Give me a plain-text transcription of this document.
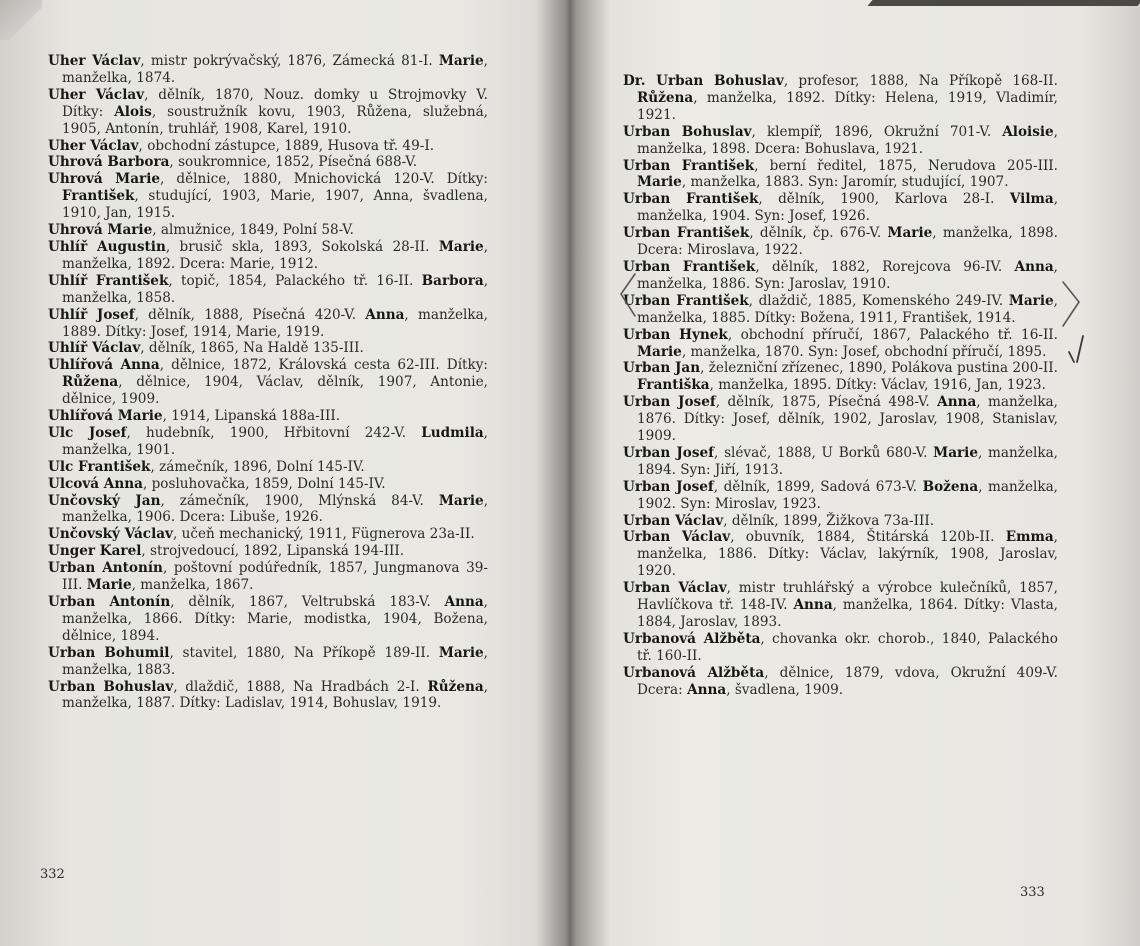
Uher Václav, mistr pokrývačský, 1876, Zámecká 81-I. Marie, manželka, 1874.

Uher Václav, dělník, 1870, Nouz. domky u Strojmovky V. Dítky: Alois, soustružník kovu, 1903, Růžena, služebná, 1905, Antonín, truhlář, 1908, Karel, 1910.

Uher Václav, obchodní zástupce, 1889, Husova tř. 49-I.

Uhrová Barbora, soukromnice, 1852, Písečná 688-V.

Uhrová Marie, dělnice, 1880, Mnichovická 120-V. Dítky: František, studující, 1903, Marie, 1907, Anna, švadlena, 1910, Jan, 1915.

Uhrová Marie, almužnice, 1849, Polní 58-V.

Uhlíř Augustin, brusič skla, 1893, Sokolská 28-II. Marie, manželka, 1892. Dcera: Marie, 1912.

Uhlíř František, topič, 1854, Palackého tř. 16-II. Barbora, manželka, 1858.

Uhlíř Josef, dělník, 1888, Písečná 420-V. Anna, manželka, 1889. Dítky: Josef, 1914, Marie, 1919.

Uhlíř Václav, dělník, 1865, Na Haldě 135-III.

Uhlířová Anna, dělnice, 1872, Královská cesta 62-III. Dítky: Růžena, dělnice, 1904, Václav, dělník, 1907, Antonie, dělnice, 1909.

Uhlířová Marie, 1914, Lipanská 188a-III.

Ulc Josef, hudebník, 1900, Hřbitovní 242-V. Ludmila, manželka, 1901.

Ulc František, zámečník, 1896, Dolní 145-IV.

Ulcová Anna, posluhovačka, 1859, Dolní 145-IV.

Unčovský Jan, zámečník, 1900, Mlýnská 84-V. Marie, manželka, 1906. Dcera: Libuše, 1926.

Unčovský Václav, učeň mechanický, 1911, Fügnerova 23a-II.

Unger Karel, strojvedoucí, 1892, Lipanská 194-III.

Urban Antonín, poštovní podúředník, 1857, Jungmanova 39-III. Marie, manželka, 1867.

Urban Antonín, dělník, 1867, Veltrubská 183-V. Anna, manželka, 1866. Dítky: Marie, modistka, 1904, Božena, dělnice, 1894.

Urban Bohumil, stavitel, 1880, Na Příkopě 189-II. Marie, manželka, 1883.

Urban Bohuslav, dlaždič, 1888, Na Hradbách 2-I. Růžena, manželka, 1887. Dítky: Ladislav, 1914, Bohuslav, 1919.

332

Dr. Urban Bohuslav, profesor, 1888, Na Příkopě 168-II. Růžena, manželka, 1892. Dítky: Helena, 1919, Vladimír, 1921.

Urban Bohuslav, klempíř, 1896, Okružní 701-V. Aloisie, manželka, 1898. Dcera: Bohuslava, 1921.

Urban František, berní ředitel, 1875, Nerudova 205-III. Marie, manželka, 1883. Syn: Jaromír, studující, 1907.

Urban František, dělník, 1900, Karlova 28-I. Vilma, manželka, 1904. Syn: Josef, 1926.

Urban František, dělník, čp. 676-V. Marie, manželka, 1898. Dcera: Miroslava, 1922.

Urban František, dělník, 1882, Rorejcova 96-IV. Anna, manželka, 1886. Syn: Jaroslav, 1910.

Urban František, dlaždič, 1885, Komenského 249-IV. Marie, manželka, 1885. Dítky: Božena, 1911, František, 1914.

Urban Hynek, obchodní příručí, 1867, Palackého tř. 16-II. Marie, manželka, 1870. Syn: Josef, obchodní příručí, 1895.

Urban Jan, železniční zřízenec, 1890, Polákova pustina 200-II. Františka, manželka, 1895. Dítky: Václav, 1916, Jan, 1923.

Urban Josef, dělník, 1875, Písečná 498-V. Anna, manželka, 1876. Dítky: Josef, dělník, 1902, Jaroslav, 1908, Stanislav, 1909.

Urban Josef, slévač, 1888, U Borků 680-V. Marie, manželka, 1894. Syn: Jiří, 1913.

Urban Josef, dělník, 1899, Sadová 673-V. Božena, manželka, 1902. Syn: Miroslav, 1923.

Urban Václav, dělník, 1899, Žižkova 73a-III.

Urban Václav, obuvník, 1884, Štitárská 120b-II. Emma, manželka, 1886. Dítky: Václav, lakýrník, 1908, Jaroslav, 1920.

Urban Václav, mistr truhlářský a výrobce kulečníků, 1857, Havlíčkova tř. 148-IV. Anna, manželka, 1864. Dítky: Vlasta, 1884, Jaroslav, 1893.

Urbanová Alžběta, chovanka okr. chorob., 1840, Palackého tř. 160-II.

Urbanová Alžběta, dělnice, 1879, vdova, Okružní 409-V. Dcera: Anna, švadlena, 1909.

333
